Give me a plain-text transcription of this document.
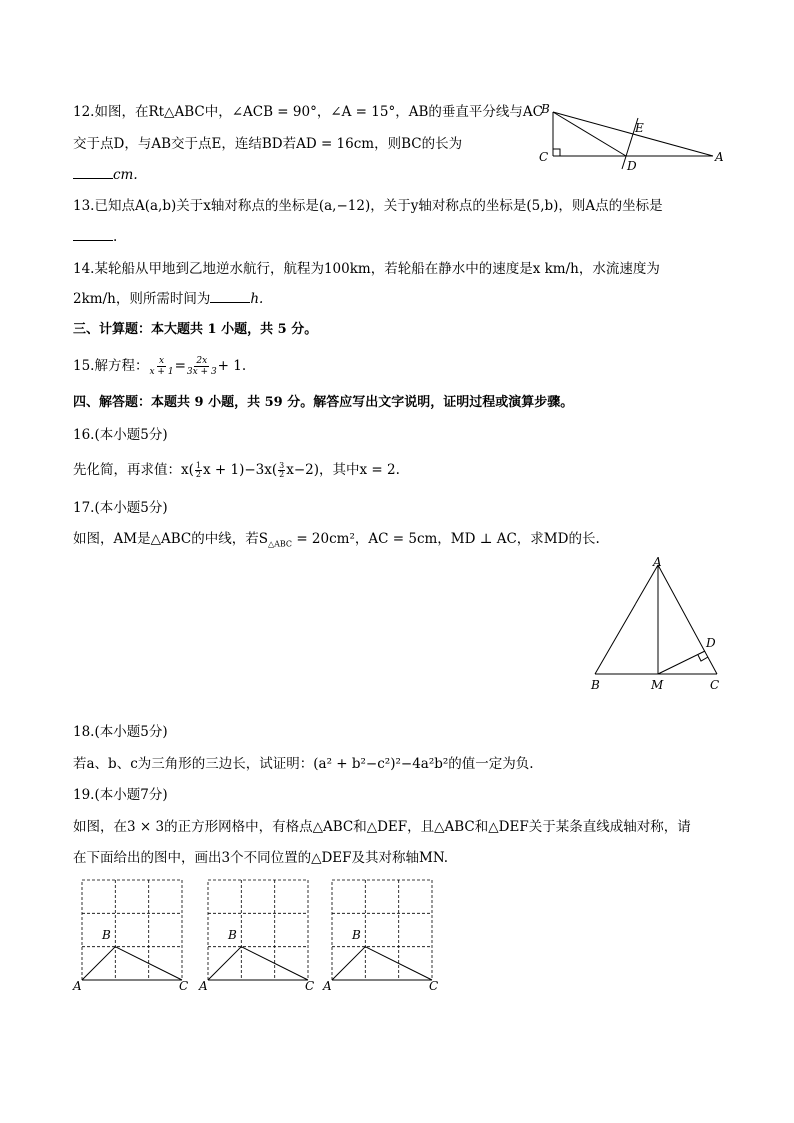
12.如图，在Rt△ABC中，∠ACB = 90°，∠A = 15°，AB的垂直平分线与AC
交于点D，与AB交于点E，连结BD若AD = 16cm，则BC的长为
cm.
B
C
D
E
A
13.已知点A(a,b)关于x轴对称点的坐标是(a,−12)，关于y轴对称点的坐标是(5,b)，则A点的坐标是
.
14.某轮船从甲地到乙地逆水航行，航程为100km，若轮船在静水中的速度是x km/h，水流速度为
2km/h，则所需时间为	h.
三、计算题：本大题共 1 小题，共 5 分。
15.解方程： $\frac{x}{x + 1} = \frac{2x}{3x + 3} + 1$.
四、解答题：本题共 9 小题，共 59 分。解答应写出文字说明，证明过程或演算步骤。
16.(本小题5分)
先化简，再求值：$x( \frac{1}{2}$ $x + 1)-3x( \frac{3}{2} x-2)$，其中x = 2.
17.(本小题5分)
如图，AM是△ABC的中线，若$S_{\triangle ABC} = 20cm^2$，AC = 5cm，MD ⊥ AC，求MD的长.
A
D
B	M	C
18.(本小题5分)
若a、b、c为三角形的三边长，试证明：(a² + b²−c²)²−4a²b²的值一定为负.
19.(本小题7分)
如图，在3 × 3的正方形网格中，有格点△ABC和△DEF，且△ABC和△DEF关于某条直线成轴对称，请
在下面给出的图中，画出3个不同位置的△DEF及其对称轴MN.
B
A	C
B
A	C
B
A	C
